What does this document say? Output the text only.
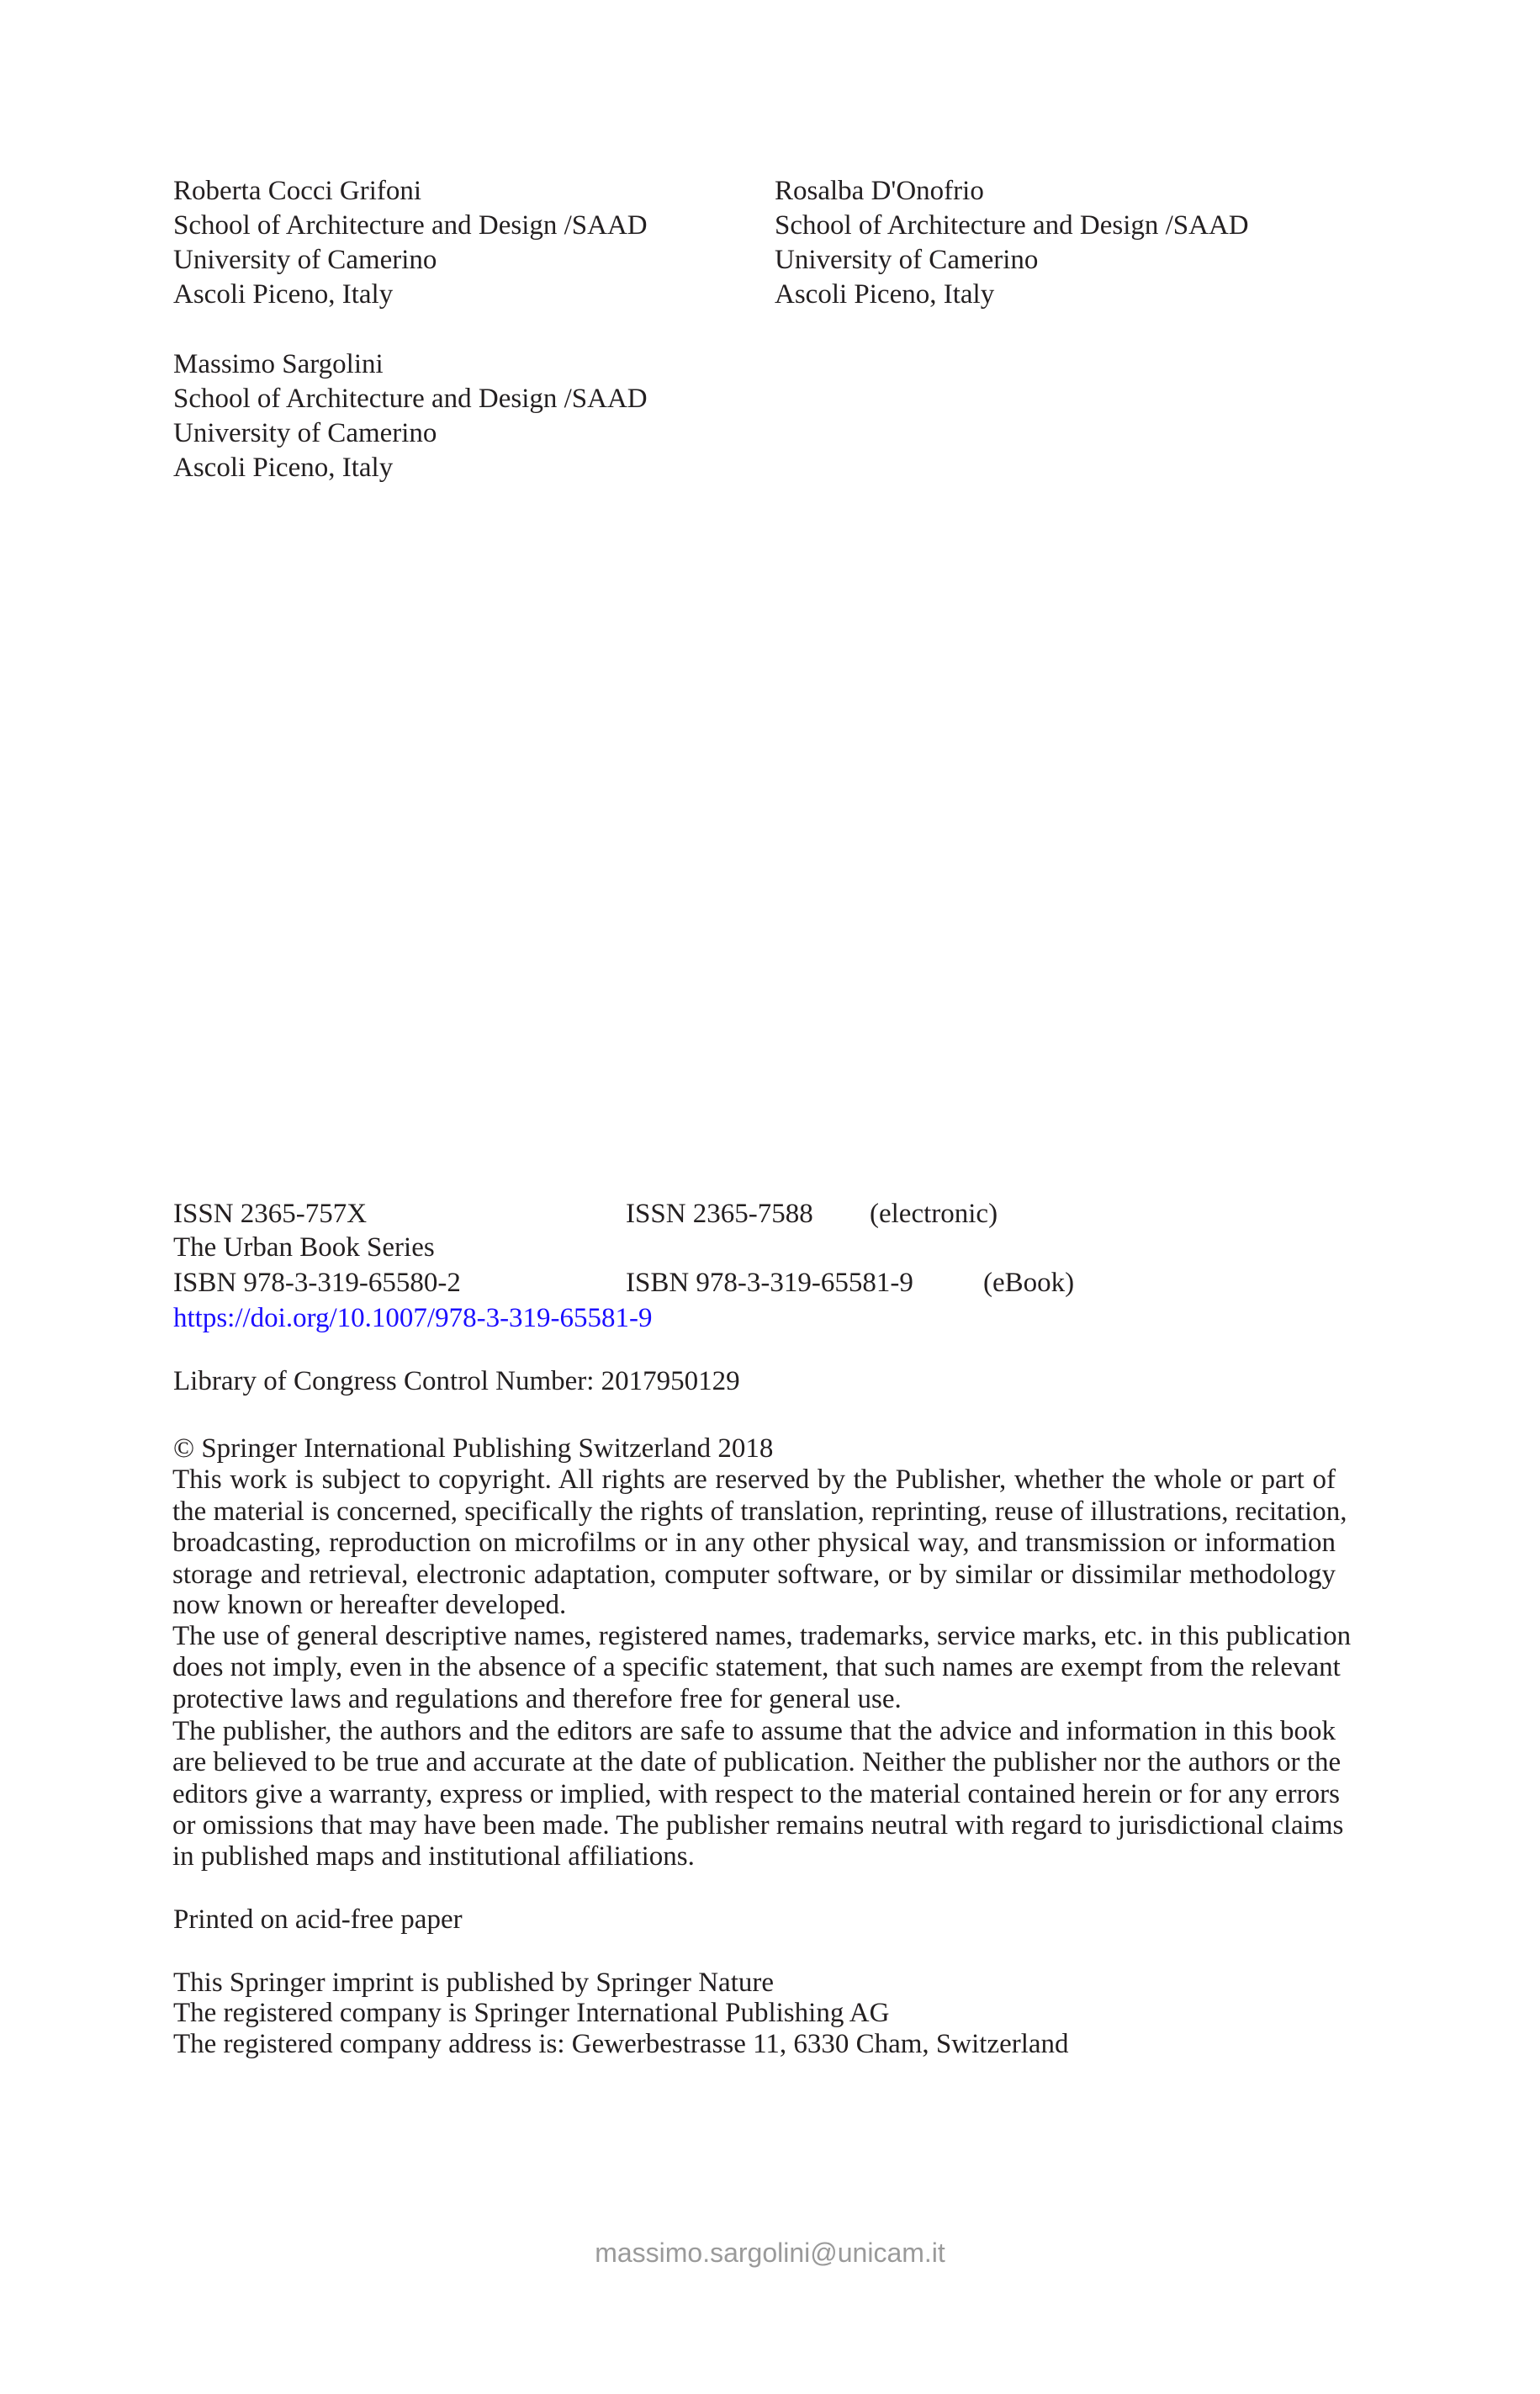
Roberta Cocci Grifoni
School of Architecture and Design /SAAD
University of Camerino
Ascoli Piceno, Italy
Rosalba D'Onofrio
School of Architecture and Design /SAAD
University of Camerino
Ascoli Piceno, Italy
Massimo Sargolini
School of Architecture and Design /SAAD
University of Camerino
Ascoli Piceno, Italy
ISSN 2365-757X	ISSN 2365-7588 (electronic)
The Urban Book Series
ISBN 978-3-319-65580-2	ISBN 978-3-319-65581-9	(eBook)
https://doi.org/10.1007/978-3-319-65581-9
Library of Congress Control Number: 2017950129
© Springer International Publishing Switzerland 2018
This work is subject to copyright. All rights are reserved by the Publisher, whether the whole or part of
the material is concerned, specifically the rights of translation, reprinting, reuse of illustrations, recitation,
broadcasting, reproduction on microfilms or in any other physical way, and transmission or information
storage and retrieval, electronic adaptation, computer software, or by similar or dissimilar methodology
now known or hereafter developed.
The use of general descriptive names, registered names, trademarks, service marks, etc. in this publication
does not imply, even in the absence of a specific statement, that such names are exempt from the relevant
protective laws and regulations and therefore free for general use.
The publisher, the authors and the editors are safe to assume that the advice and information in this book
are believed to be true and accurate at the date of publication. Neither the publisher nor the authors or the
editors give a warranty, express or implied, with respect to the material contained herein or for any errors
or omissions that may have been made. The publisher remains neutral with regard to jurisdictional claims
in published maps and institutional affiliations.
Printed on acid-free paper
This Springer imprint is published by Springer Nature
The registered company is Springer International Publishing AG
The registered company address is: Gewerbestrasse 11, 6330 Cham, Switzerland
massimo.sargolini@unicam.it
